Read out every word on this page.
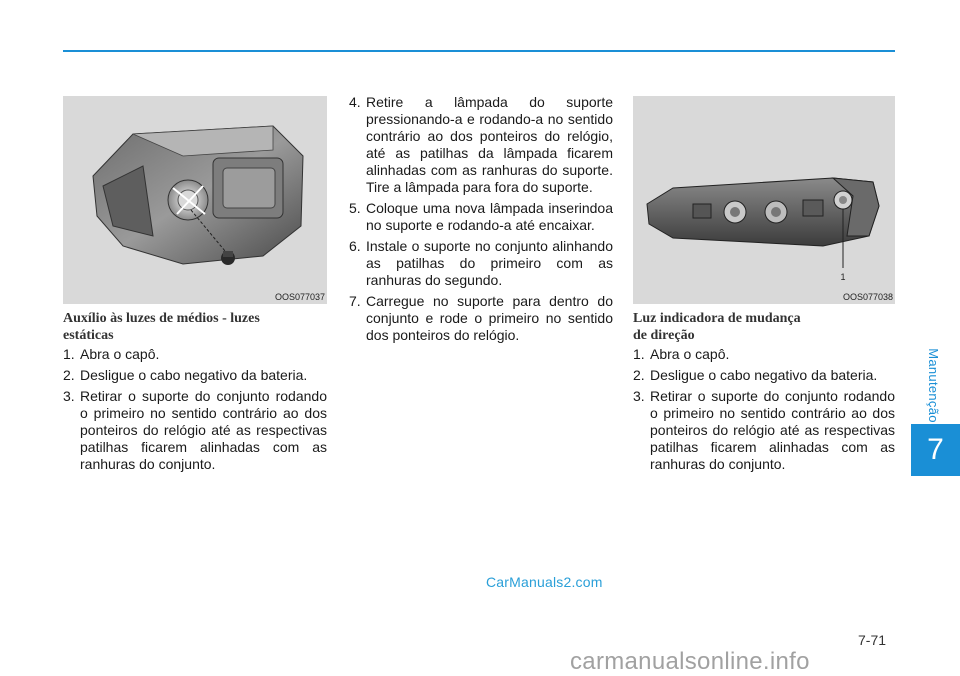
Manutenção
7
OOS077037
1
OOS077038
Auxílio às luzes de médios - luzes
estáticas
1. Abra o capô.
2. Desligue o cabo negativo da bateria.
3. Retirar o suporte do conjunto rodando o primeiro no sentido contrário ao dos ponteiros do relógio até as respectivas patilhas ficarem alinhadas com as ranhuras do conjunto.
4. Retire a lâmpada do suporte pressionando-a e rodando-a no sentido contrário ao dos ponteiros do relógio, até as patilhas da lâmpada ficarem alinhadas com as ranhuras do suporte. Tire a lâmpada para fora do suporte.
5. Coloque uma nova lâmpada inserindoa no suporte e rodando-a até encaixar.
6. Instale o suporte no conjunto alinhando as patilhas do primeiro com as ranhuras do segundo.
7. Carregue no suporte para dentro do conjunto e rode o primeiro no sentido dos ponteiros do relógio.
Luz indicadora de mudança
de direção
1. Abra o capô.
2. Desligue o cabo negativo da bateria.
3. Retirar o suporte do conjunto rodando o primeiro no sentido contrário ao dos ponteiros do relógio até as respectivas patilhas ficarem alinhadas com as ranhuras do conjunto.
CarManuals2.com
7-71
carmanualsonline.info
